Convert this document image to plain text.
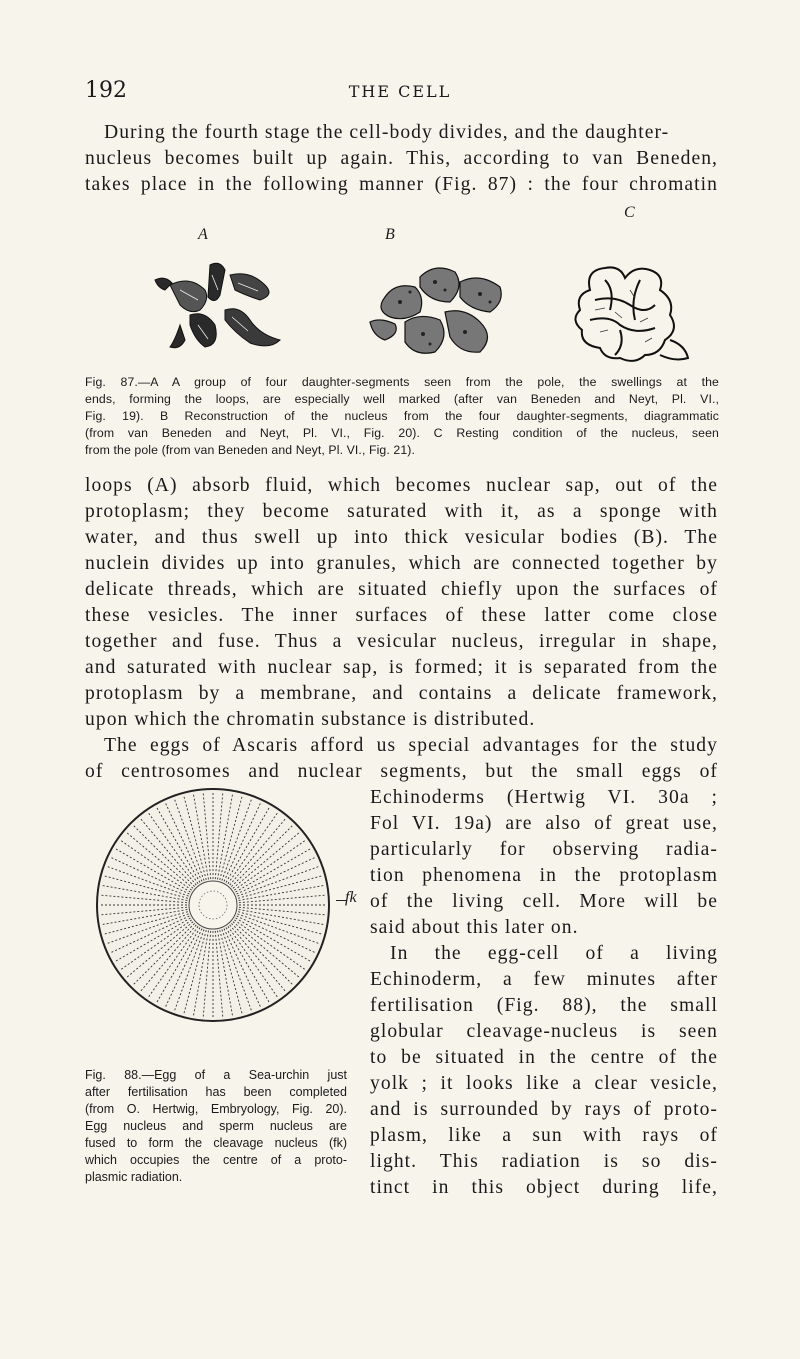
192	THE CELL
During the fourth stage the cell-body divides, and the daughter-
nucleus becomes built up again. This, according to van Beneden,
takes place in the following manner (Fig. 87) : the four chromatin
A	B
C
Fig. 87.—A A group of four daughter-segments seen from the pole, the swellings at the
ends, forming the loops, are especially well marked (after van Beneden and Neyt, Pl. VI.,
Fig. 19). B Reconstruction of the nucleus from the four daughter-segments, diagrammatic
(from van Beneden and Neyt, Pl. VI., Fig. 20). C Resting condition of the nucleus, seen
from the pole (from van Beneden and Neyt, Pl. VI., Fig. 21).
loops (A) absorb fluid, which becomes nuclear sap, out of the
protoplasm; they become saturated with it, as a sponge with
water, and thus swell up into thick vesicular bodies (B). The
nuclein divides up into granules, which are connected together by
delicate threads, which are situated chiefly upon the surfaces of
these vesicles. The inner surfaces of these latter come close
together and fuse. Thus a vesicular nucleus, irregular in shape,
and saturated with nuclear sap, is formed; it is separated from the
protoplasm by a membrane, and contains a delicate framework,
upon which the chromatin substance is distributed.
The eggs of Ascaris afford us special advantages for the study
of centrosomes and nuclear segments, but the small eggs of
Echinoderms (Hertwig VI. 30a ;
Fol VI. 19a) are also of great use,
particularly for observing radia-
tion phenomena in the protoplasm
of the living cell. More will be
said about this later on.
In the egg-cell of a living
Echinoderm, a few minutes after
fertilisation (Fig. 88), the small
globular cleavage-nucleus is seen
to be situated in the centre of the
yolk ; it looks like a clear vesicle,
and is surrounded by rays of proto-
plasm, like a sun with rays of
light. This radiation is so dis-
tinct in this object during life,
fk
Fig. 88.—Egg of a Sea-urchin just
after fertilisation has been completed
(from O. Hertwig, Embryology, Fig. 20).
Egg nucleus and sperm nucleus are
fused to form the cleavage nucleus (fk)
which occupies the centre of a proto-
plasmic radiation.
